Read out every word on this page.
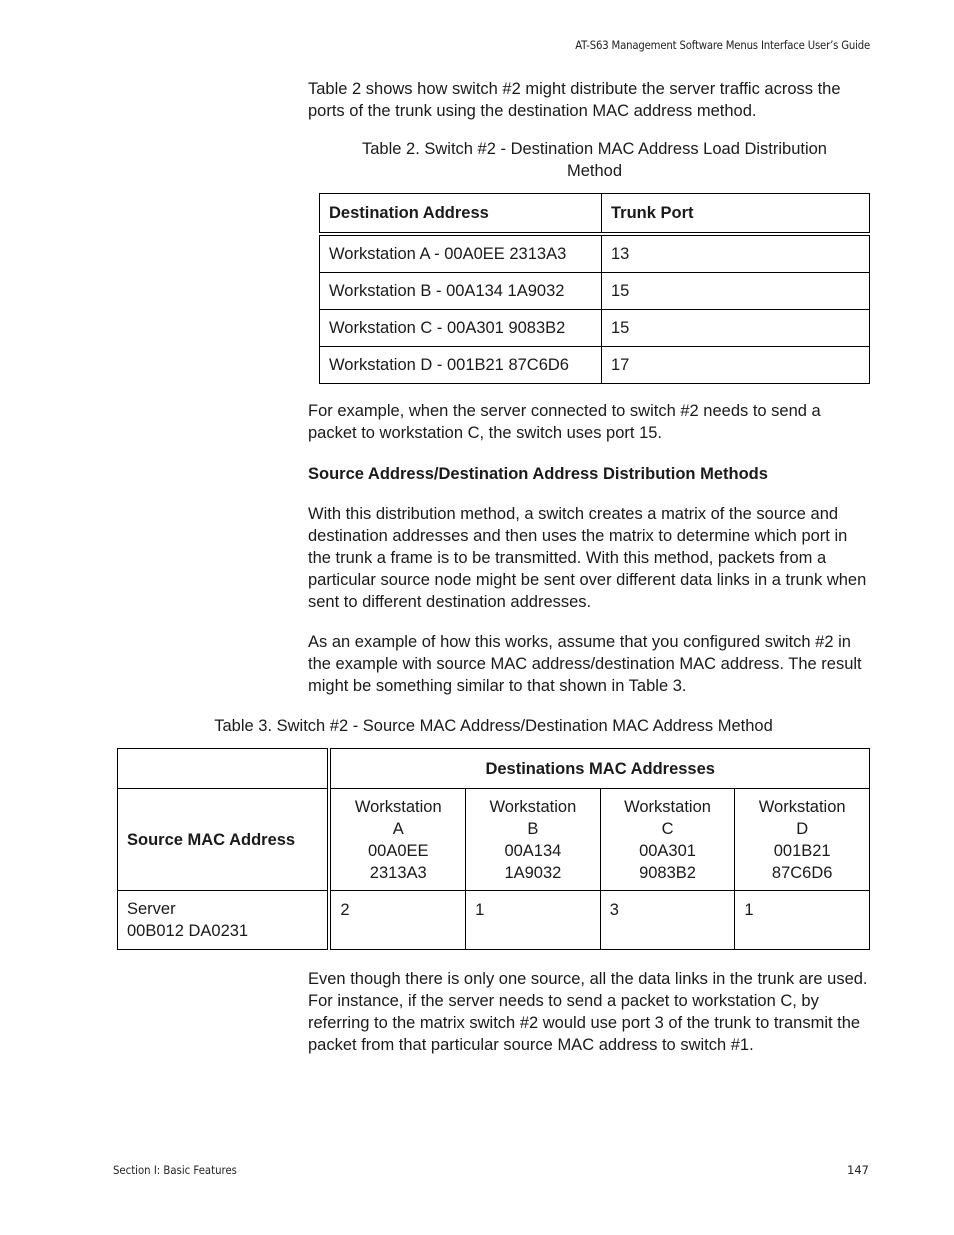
AT-S63 Management Software Menus Interface User’s Guide

Table 2 shows how switch #2 might distribute the server traffic across the ports of the trunk using the destination MAC address method.

Table 2. Switch #2 - Destination MAC Address Load Distribution
Method
Destination Address	Trunk Port
Workstation A - 00A0EE 2313A3	13
Workstation B - 00A134 1A9032	15
Workstation C - 00A301 9083B2	15
Workstation D - 001B21 87C6D6	17

For example, when the server connected to switch #2 needs to send a packet to workstation C, the switch uses port 15.

Source Address/Destination Address Distribution Methods

With this distribution method, a switch creates a matrix of the source and destination addresses and then uses the matrix to determine which port in the trunk a frame is to be transmitted. With this method, packets from a particular source node might be sent over different data links in a trunk when sent to different destination addresses.

As an example of how this works, assume that you configured switch #2 in the example with source MAC address/destination MAC address. The result might be something similar to that shown in Table 3.

Table 3. Switch #2 - Source MAC Address/Destination MAC Address Method
	Destinations MAC Addresses			
Source MAC Address	Workstation
A
00A0EE
2313A3	Workstation
B
00A134
1A9032	Workstation
C
00A301
9083B2	Workstation
D
001B21
87C6D6
Server
00B012 DA0231	2	1	3	1

Even though there is only one source, all the data links in the trunk are used. For instance, if the server needs to send a packet to workstation C, by referring to the matrix switch #2 would use port 3 of the trunk to transmit the packet from that particular source MAC address to switch #1.

Section I: Basic Features	147
